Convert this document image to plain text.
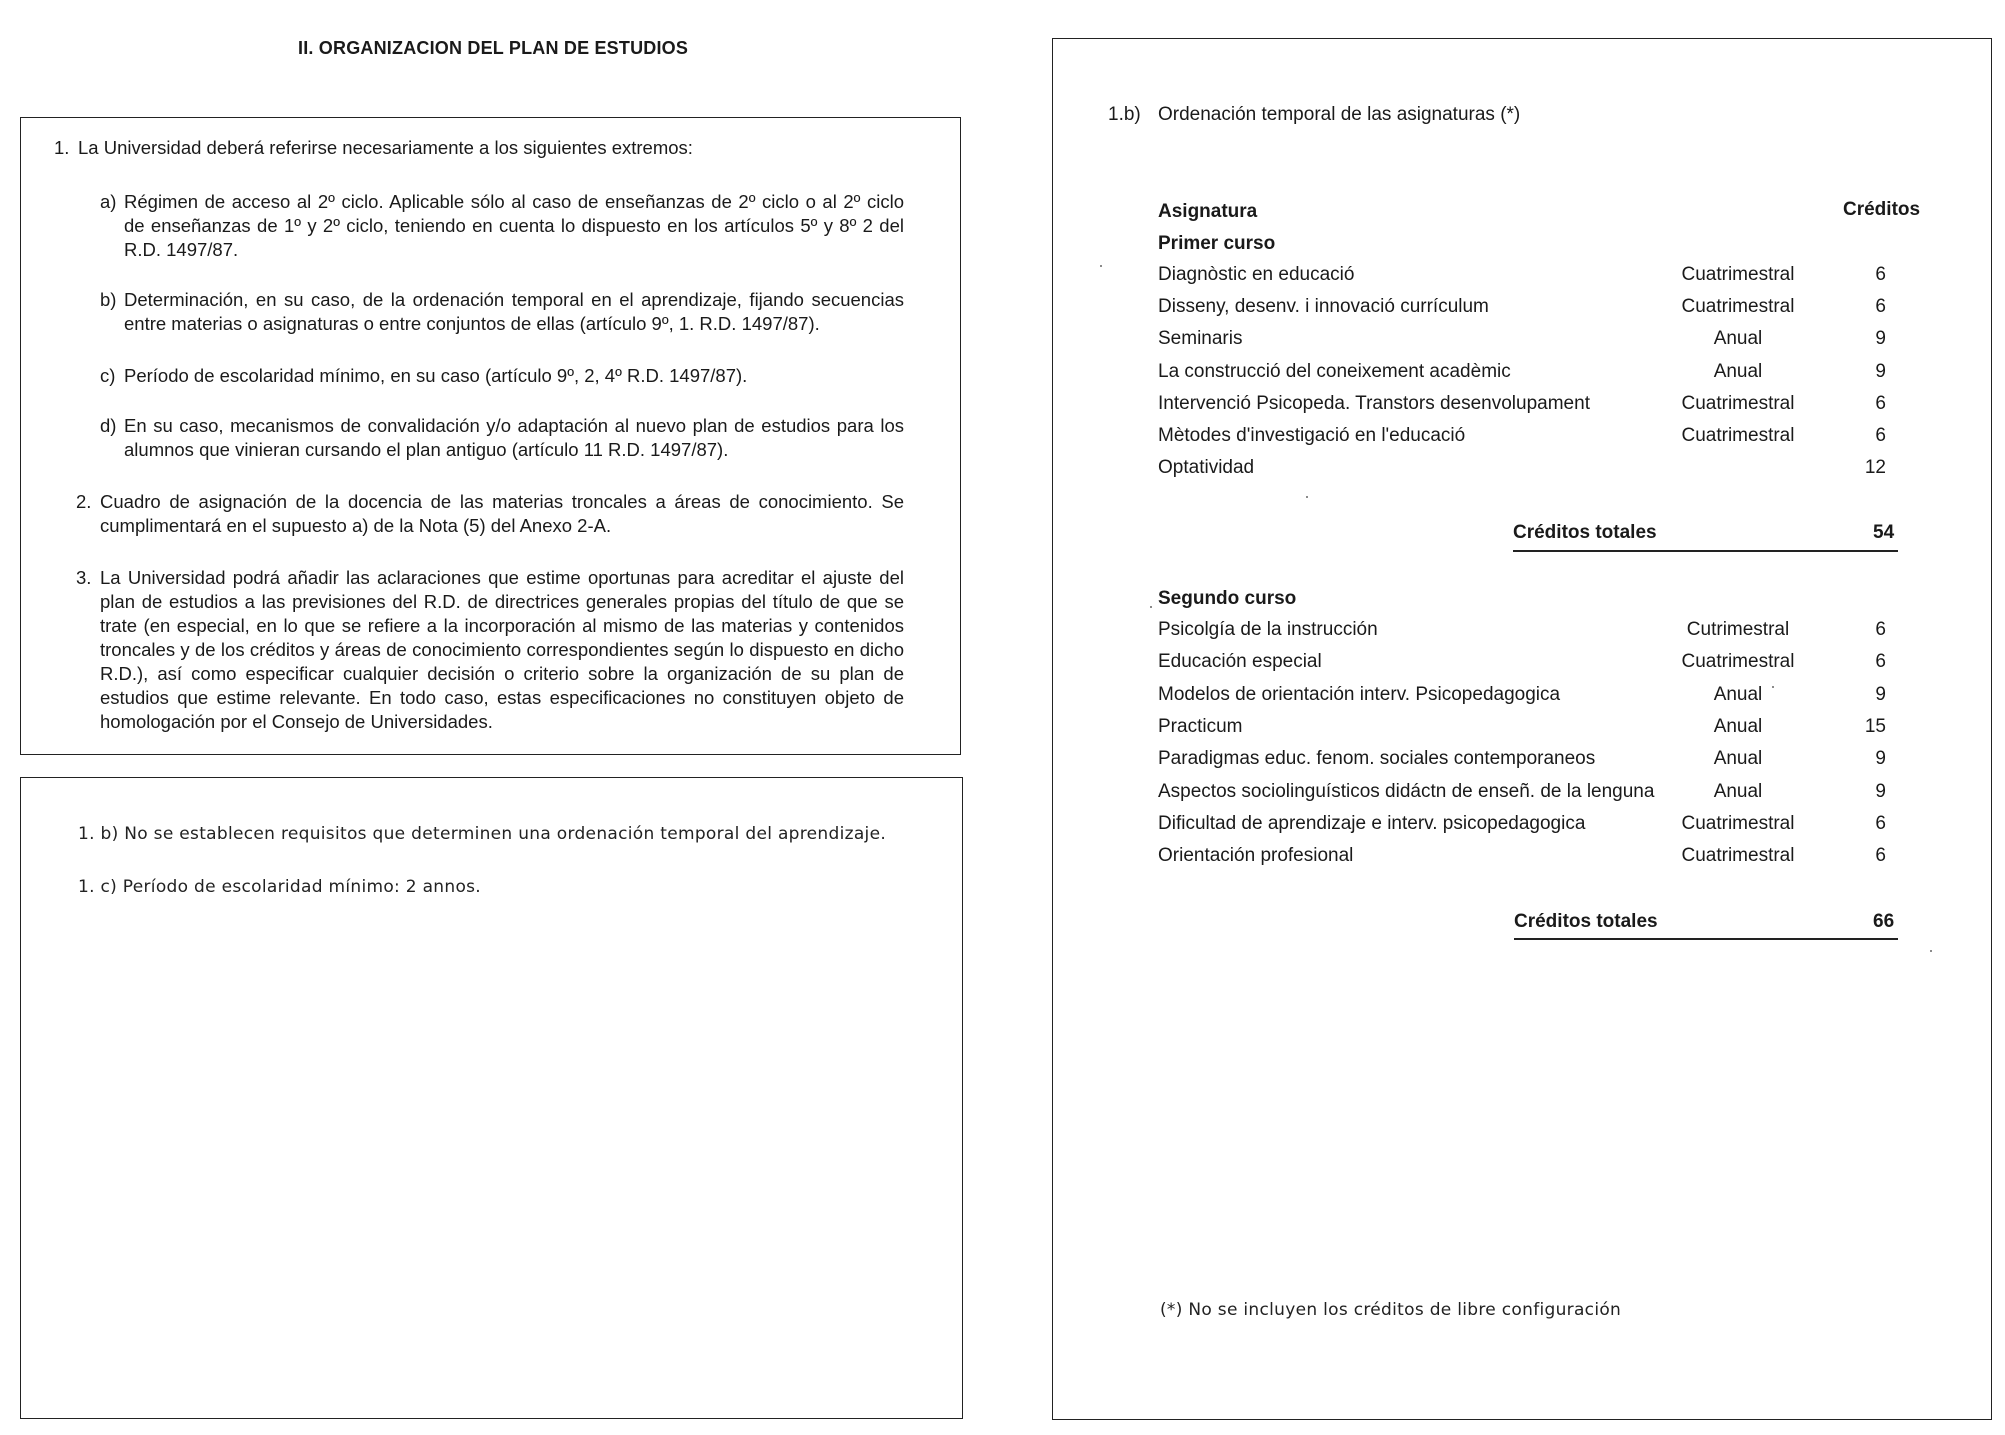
II. ORGANIZACION DEL PLAN DE ESTUDIOS
1. La Universidad deberá referirse necesariamente a los siguientes extremos:
a) Régimen de acceso al 2º ciclo. Aplicable sólo al caso de enseñanzas de 2º ciclo o al 2º ciclo de enseñanzas de 1º y 2º ciclo, teniendo en cuenta lo dispuesto en los artículos 5º y 8º 2 del R.D. 1497/87.
b) Determinación, en su caso, de la ordenación temporal en el aprendizaje, fijando secuencias entre materias o asignaturas o entre conjuntos de ellas (artículo 9º, 1. R.D. 1497/87).
c) Período de escolaridad mínimo, en su caso (artículo 9º, 2, 4º R.D. 1497/87).
d) En su caso, mecanismos de convalidación y/o adaptación al nuevo plan de estudios para los alumnos que vinieran cursando el plan antiguo (artículo 11 R.D. 1497/87).
2. Cuadro de asignación de la docencia de las materias troncales a áreas de conocimiento. Se cumplimentará en el supuesto a) de la Nota (5) del Anexo 2-A.
3. La Universidad podrá añadir las aclaraciones que estime oportunas para acreditar el ajuste del plan de estudios a las previsiones del R.D. de directrices generales propias del título de que se trate (en especial, en lo que se refiere a la incorporación al mismo de las materias y contenidos troncales y de los créditos y áreas de conocimiento correspondientes según lo dispuesto en dicho R.D.), así como especificar cualquier decisión o criterio sobre la organización de su plan de estudios que estime relevante. En todo caso, estas especificaciones no constituyen objeto de homologación por el Consejo de Universidades.
1. b) No se establecen requisitos que determinen una ordenación temporal del aprendizaje.
1. c) Período de escolaridad mínimo: 2 annos.
1.b) Ordenación temporal de las asignaturas (*)
Asignatura	Créditos
Primer curso
Diagnòstic en educació	Cuatrimestral	6
Disseny, desenv. i innovació currículum	Cuatrimestral	6
Seminaris	Anual	9
La construcció del coneixement acadèmic	Anual	9
Intervenció Psicopeda. Transtors desenvolupament	Cuatrimestral	6
Mètodes d'investigació en l'educació	Cuatrimestral	6
Optatividad	12
Créditos totales	54
Segundo curso
Psicolgía de la instrucción	Cutrimestral	6
Educación especial	Cuatrimestral	6
Modelos de orientación interv. Psicopedagogica	Anual	9
Practicum	Anual	15
Paradigmas educ. fenom. sociales contemporaneos	Anual	9
Aspectos sociolinguísticos didáctn de enseñ. de la lenguna	Anual	9
Dificultad de aprendizaje e interv. psicopedagogica	Cuatrimestral	6
Orientación profesional	Cuatrimestral	6
Créditos totales	66
(*) No se incluyen los créditos de libre configuración
